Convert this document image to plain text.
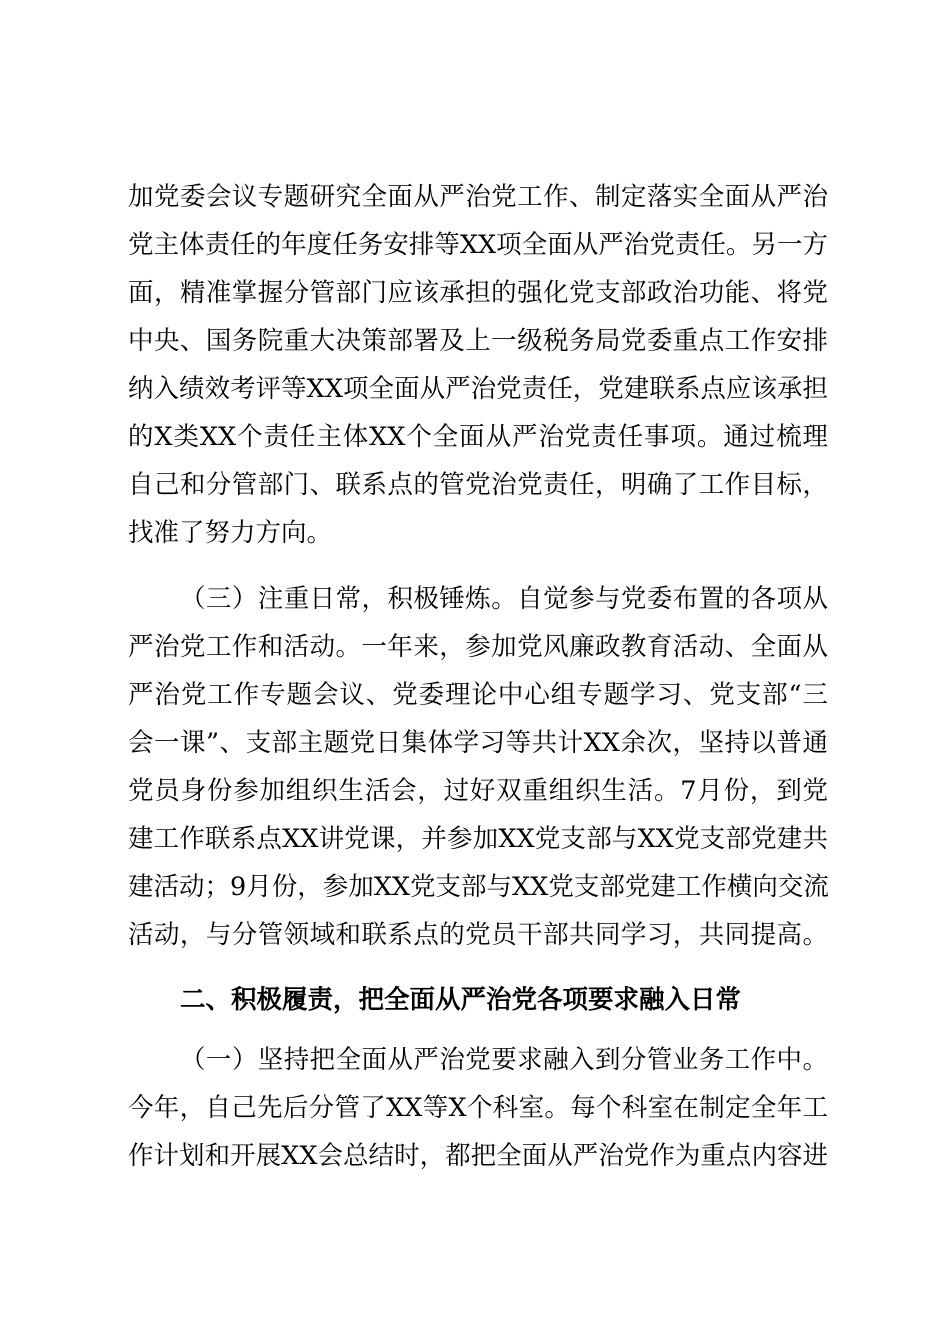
加党委会议专题研究全面从严治党工作、制定落实全面从严治
党主体责任的年度任务安排等XX项全面从严治党责任。另一方
面，精准掌握分管部门应该承担的强化党支部政治功能、将党
中央、国务院重大决策部署及上一级税务局党委重点工作安排
纳入绩效考评等XX项全面从严治党责任，党建联系点应该承担
的X类XX个责任主体XX个全面从严治党责任事项。通过梳理
自己和分管部门、联系点的管党治党责任，明确了工作目标，
找准了努力方向。
（三）注重日常，积极锤炼。自觉参与党委布置的各项从
严治党工作和活动。一年来，参加党风廉政教育活动、全面从
严治党工作专题会议、党委理论中心组专题学习、党支部“三
会一课”、支部主题党日集体学习等共计XX余次，坚持以普通
党员身份参加组织生活会，过好双重组织生活。7月份，到党
建工作联系点XX讲党课，并参加XX党支部与XX党支部党建共
建活动；9月份，参加XX党支部与XX党支部党建工作横向交流
活动，与分管领域和联系点的党员干部共同学习，共同提高。
二、积极履责，把全面从严治党各项要求融入日常
（一）坚持把全面从严治党要求融入到分管业务工作中。
今年，自己先后分管了XX等X个科室。每个科室在制定全年工
作计划和开展XX会总结时，都把全面从严治党作为重点内容进
